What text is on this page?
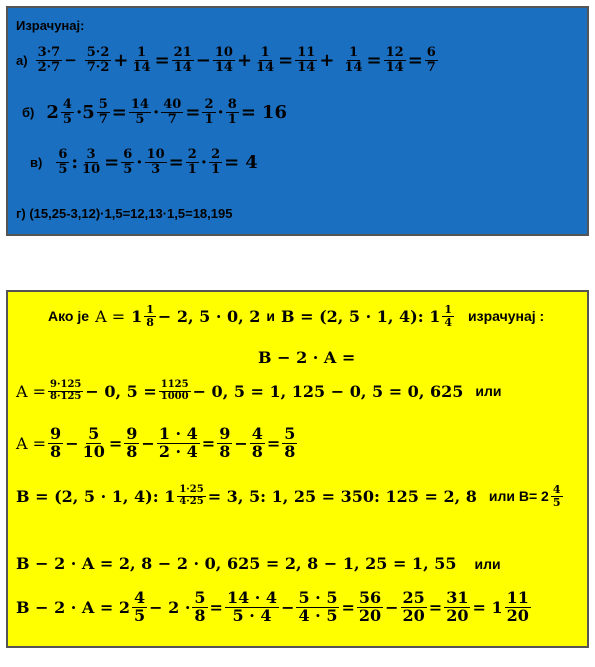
Израчунај:
$а) \frac{3\cdot 7}{2\cdot 7} - \frac{5\cdot 2}{7\cdot 2} + \frac{1}{14} = \frac{21}{14} - \frac{10}{14} + \frac{1}{14} = \frac{11}{14} + \frac{1}{14} = \frac{12}{14} = \frac{6}{7}$
б) $2 \frac{4}{5} \cdot 5 \frac{5}{7} = \frac{14}{5} \cdot \frac{40}{7} = \frac{2}{1} \cdot \frac{8}{1} = 16$
$в) \frac{6}{5}$ : $\frac{3}{10} = \frac{6}{5} \cdot \frac{10}{3} = \frac{2}{1} \cdot \frac{2}{1} = 4$
г) (15,25-3,12)·1,5=12,13·1,5=18,195
Ако је $A = 1 \frac{1}{8} - 2$, 5 · 0, 2 и B = (2, 5 · 1, 4): $1 \frac{1}{4}$ израчунај :
B − 2 · A =
$A = \frac{9\cdot 125}{8\cdot 125} - 0$, $5 = \frac{1125}{1000} - 0$, 5 = 1, 125 − 0, 5 = 0, 625 или
$A = \frac{9}{8} - \frac{5}{10} = \frac{9}{8} - \frac{1 \cdot 4}{2 \cdot 4} = \frac{9}{8} - \frac{4}{8} = \frac{5}{8}$
B = (2, 5 · 1, 4): $1 \frac{1\cdot 25}{4\cdot 25} = 3$, 5: 1, 25 = 350: 125 = 2, 8 или $B= 2 \frac{4}{5}$
B − 2 · A = 2, 8 − 2 · 0, 625 = 2, 8 − 1, 25 = 1, 55 или
$B - 2 \cdot A = 2 \frac{4}{5} - 2 \cdot \frac{5}{8} = \frac{14 \cdot 4}{5 \cdot 4} - \frac{5 \cdot 5}{4 \cdot 5} = \frac{56}{20} - \frac{25}{20} = \frac{31}{20} = 1 \frac{11}{20}$
